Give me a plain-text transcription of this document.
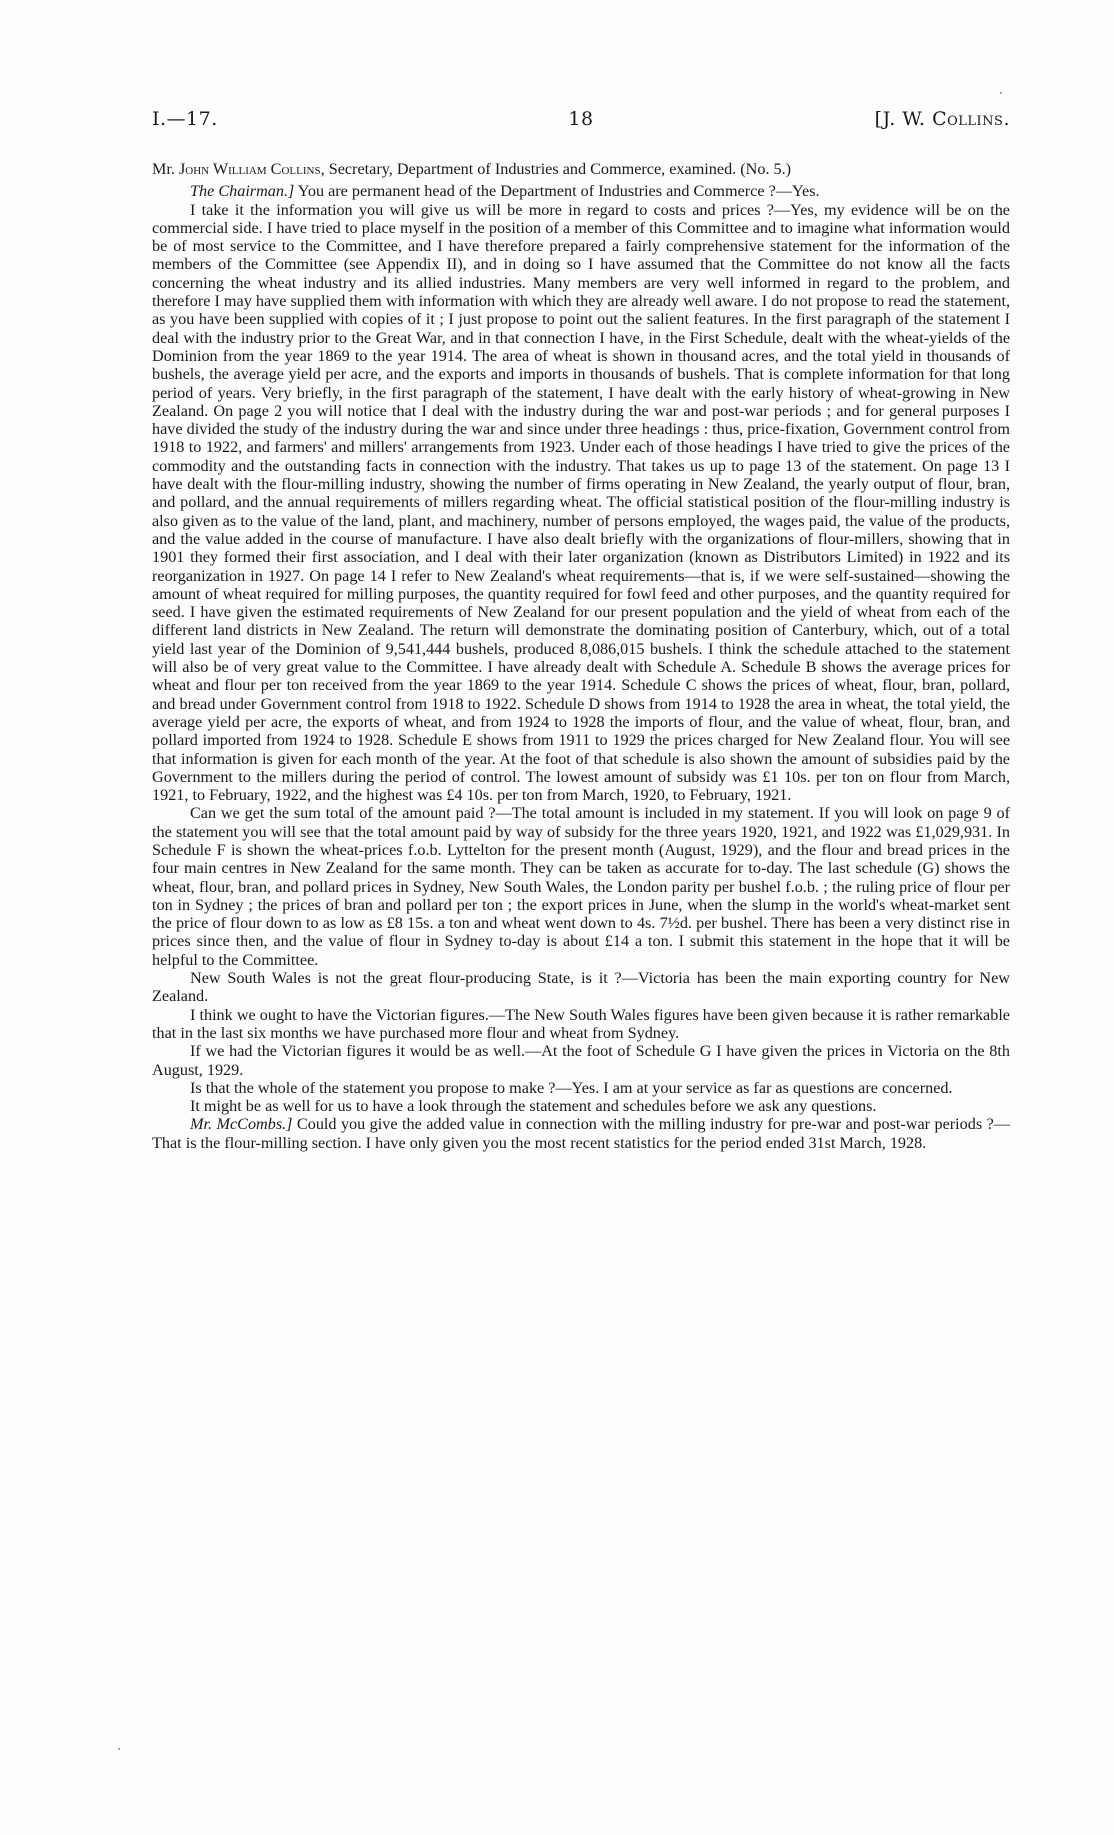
I.—17.	18	[J. W. Collins.

Mr. John William Collins, Secretary, Department of Industries and Commerce, examined. (No. 5.)

The Chairman.] You are permanent head of the Department of Industries and Commerce ?—Yes.

I take it the information you will give us will be more in regard to costs and prices ?—Yes, my evidence will be on the commercial side. I have tried to place myself in the position of a member of this Committee and to imagine what information would be of most service to the Committee, and I have therefore prepared a fairly comprehensive statement for the information of the members of the Committee (see Appendix II), and in doing so I have assumed that the Committee do not know all the facts concerning the wheat industry and its allied industries. Many members are very well informed in regard to the problem, and therefore I may have supplied them with information with which they are already well aware. I do not propose to read the statement, as you have been supplied with copies of it ; I just propose to point out the salient features. In the first paragraph of the statement I deal with the industry prior to the Great War, and in that connection I have, in the First Schedule, dealt with the wheat-yields of the Dominion from the year 1869 to the year 1914. The area of wheat is shown in thousand acres, and the total yield in thousands of bushels, the average yield per acre, and the exports and imports in thousands of bushels. That is complete information for that long period of years. Very briefly, in the first paragraph of the statement, I have dealt with the early history of wheat-growing in New Zealand. On page 2 you will notice that I deal with the industry during the war and post-war periods ; and for general purposes I have divided the study of the industry during the war and since under three headings : thus, price-fixation, Government control from 1918 to 1922, and farmers' and millers' arrangements from 1923. Under each of those headings I have tried to give the prices of the commodity and the outstanding facts in connection with the industry. That takes us up to page 13 of the statement. On page 13 I have dealt with the flour-milling industry, showing the number of firms operating in New Zealand, the yearly output of flour, bran, and pollard, and the annual requirements of millers regarding wheat. The official statistical position of the flour-milling industry is also given as to the value of the land, plant, and machinery, number of persons employed, the wages paid, the value of the products, and the value added in the course of manufacture. I have also dealt briefly with the organizations of flour-millers, showing that in 1901 they formed their first association, and I deal with their later organization (known as Distributors Limited) in 1922 and its reorganization in 1927. On page 14 I refer to New Zealand's wheat requirements—that is, if we were self-sustained—showing the amount of wheat required for milling purposes, the quantity required for fowl feed and other purposes, and the quantity required for seed. I have given the estimated requirements of New Zealand for our present population and the yield of wheat from each of the different land districts in New Zealand. The return will demonstrate the dominating position of Canterbury, which, out of a total yield last year of the Dominion of 9,541,444 bushels, produced 8,086,015 bushels. I think the schedule attached to the statement will also be of very great value to the Committee. I have already dealt with Schedule A. Schedule B shows the average prices for wheat and flour per ton received from the year 1869 to the year 1914. Schedule C shows the prices of wheat, flour, bran, pollard, and bread under Government control from 1918 to 1922. Schedule D shows from 1914 to 1928 the area in wheat, the total yield, the average yield per acre, the exports of wheat, and from 1924 to 1928 the imports of flour, and the value of wheat, flour, bran, and pollard imported from 1924 to 1928. Schedule E shows from 1911 to 1929 the prices charged for New Zealand flour. You will see that information is given for each month of the year. At the foot of that schedule is also shown the amount of subsidies paid by the Government to the millers during the period of control. The lowest amount of subsidy was £1 10s. per ton on flour from March, 1921, to February, 1922, and the highest was £4 10s. per ton from March, 1920, to February, 1921.

Can we get the sum total of the amount paid ?—The total amount is included in my statement. If you will look on page 9 of the statement you will see that the total amount paid by way of subsidy for the three years 1920, 1921, and 1922 was £1,029,931. In Schedule F is shown the wheat-prices f.o.b. Lyttelton for the present month (August, 1929), and the flour and bread prices in the four main centres in New Zealand for the same month. They can be taken as accurate for to-day. The last schedule (G) shows the wheat, flour, bran, and pollard prices in Sydney, New South Wales, the London parity per bushel f.o.b. ; the ruling price of flour per ton in Sydney ; the prices of bran and pollard per ton ; the export prices in June, when the slump in the world's wheat-market sent the price of flour down to as low as £8 15s. a ton and wheat went down to 4s. 7½d. per bushel. There has been a very distinct rise in prices since then, and the value of flour in Sydney to-day is about £14 a ton. I submit this statement in the hope that it will be helpful to the Committee.

New South Wales is not the great flour-producing State, is it ?—Victoria has been the main exporting country for New Zealand.

I think we ought to have the Victorian figures.—The New South Wales figures have been given because it is rather remarkable that in the last six months we have purchased more flour and wheat from Sydney.

If we had the Victorian figures it would be as well.—At the foot of Schedule G I have given the prices in Victoria on the 8th August, 1929.

Is that the whole of the statement you propose to make ?—Yes. I am at your service as far as questions are concerned.

It might be as well for us to have a look through the statement and schedules before we ask any questions.

Mr. McCombs.] Could you give the added value in connection with the milling industry for pre-war and post-war periods ?—That is the flour-milling section. I have only given you the most recent statistics for the period ended 31st March, 1928.
